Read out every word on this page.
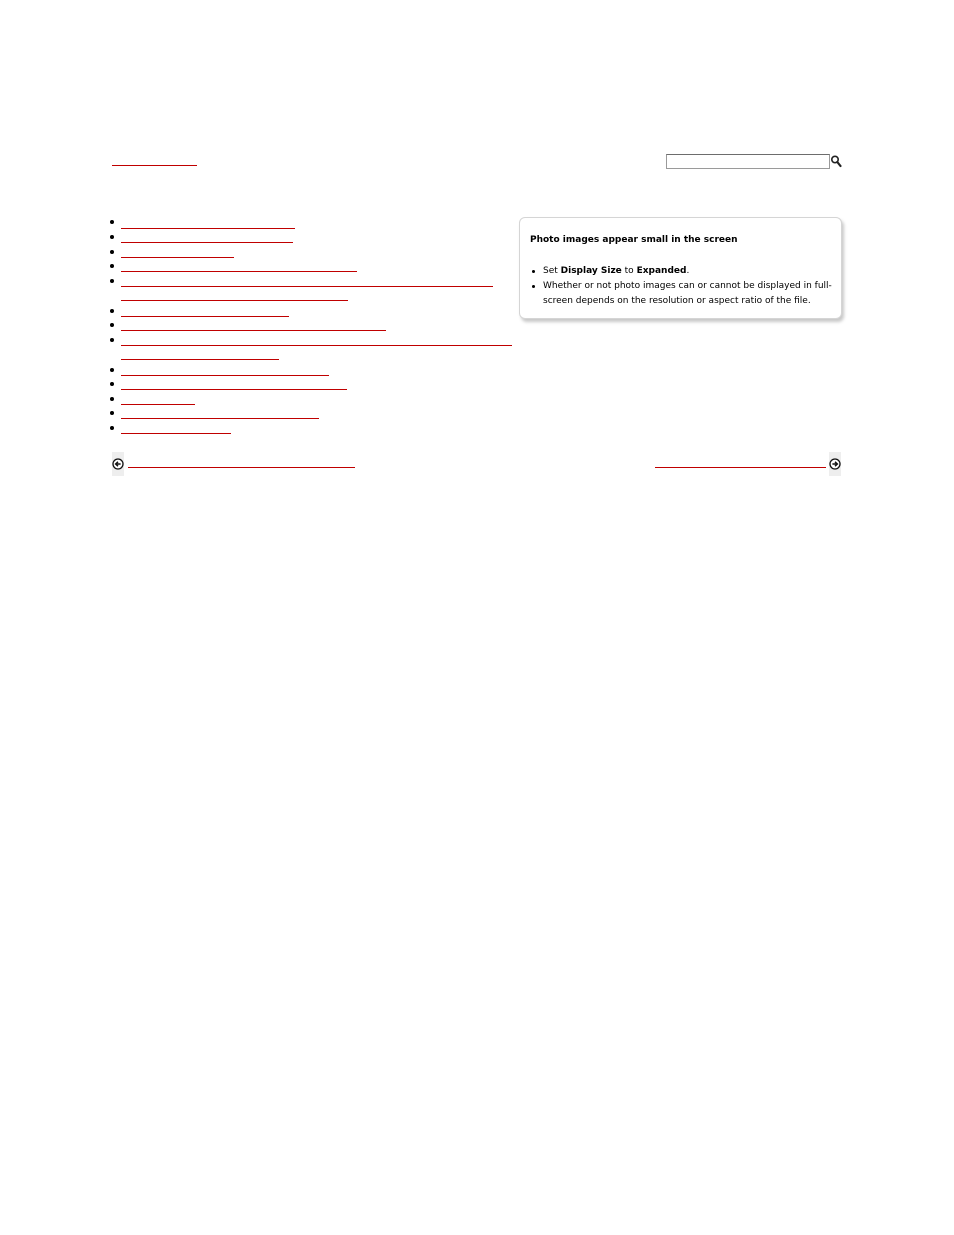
Photo images appear small in the screen
Set Display Size to Expanded.
Whether or not photo images can or cannot be displayed in full-screen depends on the resolution or aspect ratio of the file.
